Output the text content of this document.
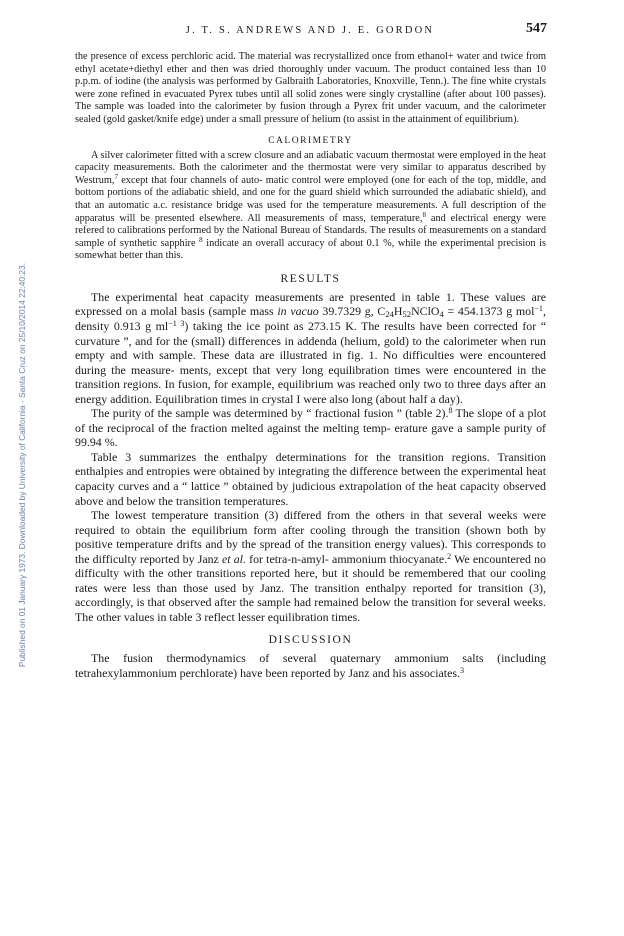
Published on 01 January 1973. Downloaded by University of California - Santa Cruz on 25/10/2014 22:40:23.
J. T. S. ANDREWS AND J. E. GORDON	547

the presence of excess perchloric acid. The material was recrystallized once from ethanol+ water and twice from ethyl acetate+diethyl ether and then was dried thoroughly under vacuum. The product contained less than 10 p.p.m. of iodine (the analysis was performed by Galbraith Laboratories, Knoxville, Tenn.). The fine white crystals were zone refined in evacuated Pyrex tubes until all solid zones were singly crystalline (after about 100 passes). The sample was loaded into the calorimeter by fusion through a Pyrex frit under vacuum, and the calorimeter sealed (gold gasket/knife edge) under a small pressure of helium (to assist in the attainment of equilibrium).

CALORIMETRY

A silver calorimeter fitted with a screw closure and an adiabatic vacuum thermostat were employed in the heat capacity measurements. Both the calorimeter and the thermostat were very similar to apparatus described by Westrum,$^7$ except that four channels of auto- matic control were employed (one for each of the top, middle, and bottom portions of the adiabatic shield, and one for the guard shield which surrounded the adiabatic shield), and that an automatic a.c. resistance bridge was used for the temperature measurements. A full description of the apparatus will be presented elsewhere. All measurements of mass, temperature,$^8$ and electrical energy were refered to calibrations performed by the National Bureau of Standards. The results of measurements on a standard sample of synthetic sapphire $^8$ indicate an overall accuracy of about 0.1 %, while the experimental precision is somewhat better than this.

RESULTS

The experimental heat capacity measurements are presented in table 1. These values are expressed on a molal basis (sample mass in vacuo 39.7329 g, $C_{24}H_{52}NClO_4 = 454.1373$ g mol$^{-1}$, density 0.913 g $ml^{-1 3}$) taking the ice point as 273.15 K. The results have been corrected for “ curvature ”, and for the (small) differences in addenda (helium, gold) to the calorimeter when run empty and with sample. These data are illustrated in fig. 1. No difficulties were encountered during the measure- ments, except that very long equilibration times were encountered in the transition regions. In fusion, for example, equilibrium was reached only two to three days after an energy addition. Equilibration times in crystal I were also long (about half a day).

The purity of the sample was determined by “ fractional fusion ” (table 2).$^8$ The slope of a plot of the reciprocal of the fraction melted against the melting temp- erature gave a sample purity of 99.94 %.

Table 3 summarizes the enthalpy determinations for the transition regions. Transition enthalpies and entropies were obtained by integrating the difference between the experimental heat capacity curves and a “ lattice ” obtained by judicious extrapolation of the heat capacity observed above and below the transition temperatures.

The lowest temperature transition (3) differed from the others in that several weeks were required to obtain the equilibrium form after cooling through the transition (shown both by positive temperature drifts and by the spread of the transition energy values). This corresponds to the difficulty reported by Janz et al. for tetra-n-amyl- ammonium thiocyanate.$^2$ We encountered no difficulty with the other transitions reported here, but it should be remembered that our cooling rates were less than those used by Janz. The transition enthalpy reported for transition (3), accordingly, is that observed after the sample had remained below the transition for several weeks. The other values in table 3 reflect lesser equilibration times.

DISCUSSION

The fusion thermodynamics of several quaternary ammonium salts (including tetrahexylammonium perchlorate) have been reported by Janz and his associates.$^3$
